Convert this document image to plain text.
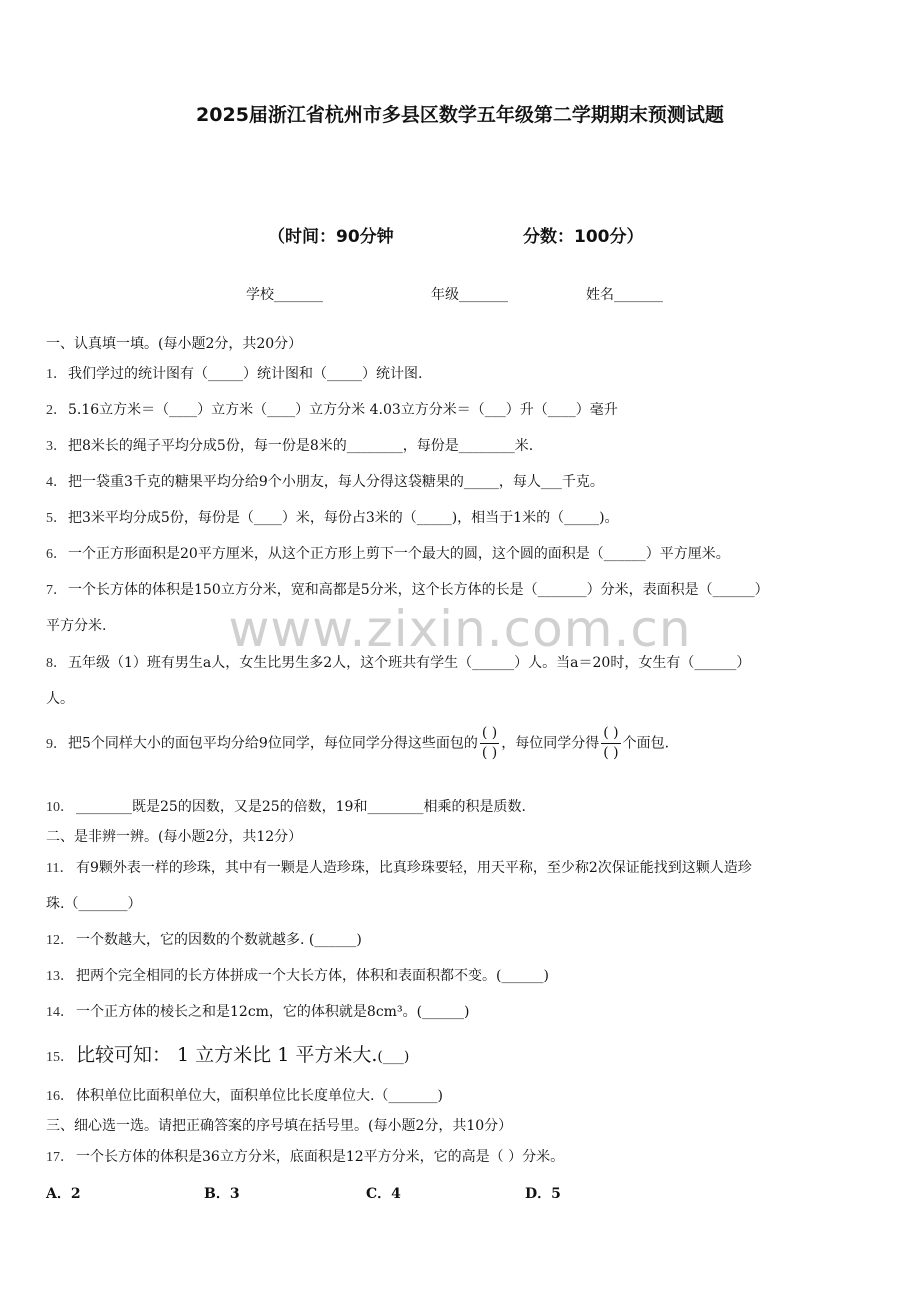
2025届浙江省杭州市多县区数学五年级第二学期期末预测试题
（时间：90分钟	分数：100分）
学校_______	年级_______	姓名_______
www.zixin.com.cn
一、认真填一填。(每小题2分，共20分）
1．我们学过的统计图有（_____）统计图和（_____）统计图.
2．5.16立方米＝（____）立方米（____）立方分米 4.03立方分米＝（___）升（____）毫升
3．把8米长的绳子平均分成5份，每一份是8米的________，每份是________米.
4．把一袋重3千克的糖果平均分给9个小朋友，每人分得这袋糖果的_____，每人___千克。
5．把3米平均分成5份，每份是（____）米，每份占3米的（_____)，相当于1米的（_____)。
6．一个正方形面积是20平方厘米，从这个正方形上剪下一个最大的圆，这个圆的面积是（______）平方厘米。
7．一个长方体的体积是150立方分米，宽和高都是5分米，这个长方体的长是（_______）分米，表面积是（______）
平方分米.
8．五年级（1）班有男生a人，女生比男生多2人，这个班共有学生（______）人。当a＝20时，女生有（______）
人。
9．把5个同样大小的面包平均分给9位同学，每位同学分得这些面包的 $\frac{( )}{( )}$ ，每位同学分得 $\frac{( )}{( )}$ 个面包.
10． ________既是25的因数，又是25的倍数，19和________相乘的积是质数.
二、是非辨一辨。(每小题2分，共12分）
11． 有9颗外表一样的珍珠，其中有一颗是人造珍珠，比真珍珠要轻，用天平称，至少称2次保证能找到这颗人造珍
珠.（_______）
12． 一个数越大，它的因数的个数就越多. (______)
13． 把两个完全相同的长方体拼成一个大长方体，体积和表面积都不变。(______)
14． 一个正方体的棱长之和是12cm，它的体积就是8cm³。(______)
15． 比较可知： 1 立方米比 1 平方米大.(___)
16． 体积单位比面积单位大，面积单位比长度单位大.（_______)
三、细心选一选。请把正确答案的序号填在括号里。(每小题2分，共10分）
17． 一个长方体的体积是36立方分米，底面积是12平方分米，它的高是（ ）分米。
A．2	B．3	C．4	D．5
